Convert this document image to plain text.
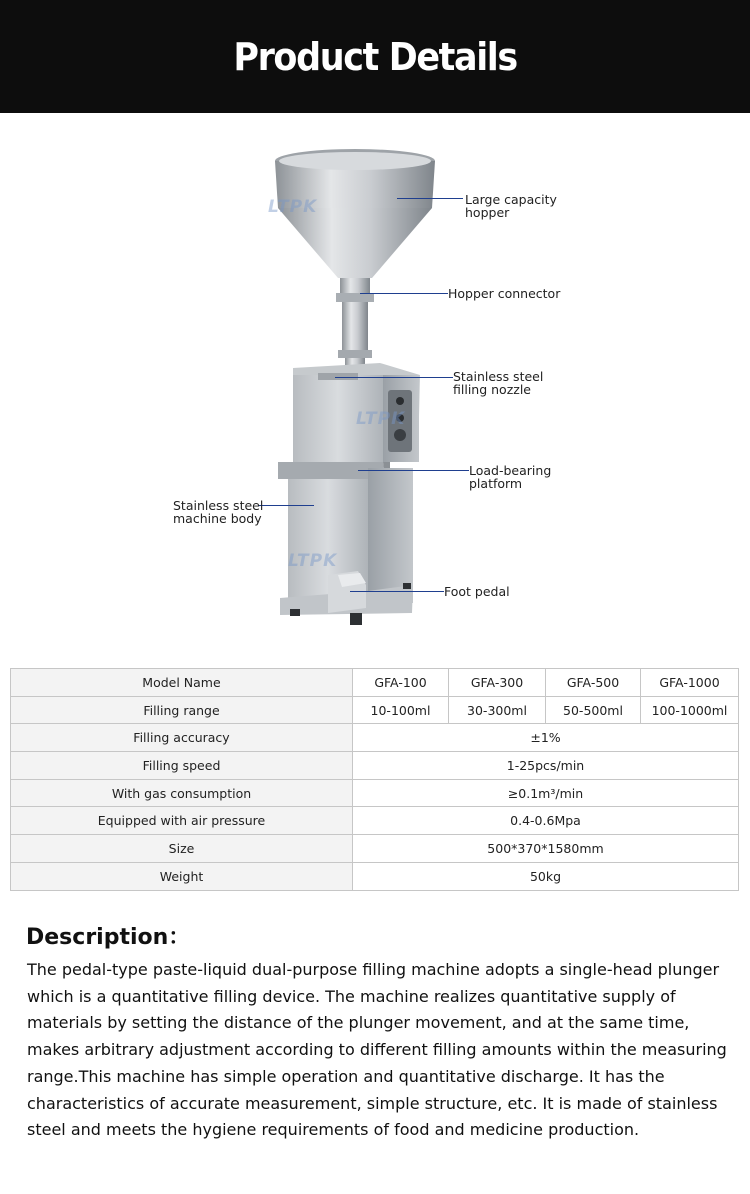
Product Details
LTPK
LTPK
LTPK
Large capacity
hopper
Hopper connector
Stainless steel
filling nozzle
Load-bearing
platform
Stainless steel
machine body
Foot pedal
Model Name	GFA-100	GFA-300	GFA-500	GFA-1000
Filling range	10-100ml	30-300ml	50-500ml	100-1000ml
Filling accuracy	±1%			
Filling speed	1-25pcs/min			
With gas consumption	≥0.1m³/min			
Equipped with air pressure	0.4-0.6Mpa			
Size	500*370*1580mm			
Weight	50kg			
Description：

The pedal-type paste-liquid dual-purpose filling machine adopts a single-head plunger which is a quantitative filling device. The machine realizes quantitative supply of materials by setting the distance of the plunger movement, and at the same time, makes arbitrary adjustment according to different filling amounts within the measuring range.This machine has simple operation and quantitative discharge. It has the characteristics of accurate measurement, simple structure, etc. It is made of stainless steel and meets the hygiene requirements of food and medicine production.
